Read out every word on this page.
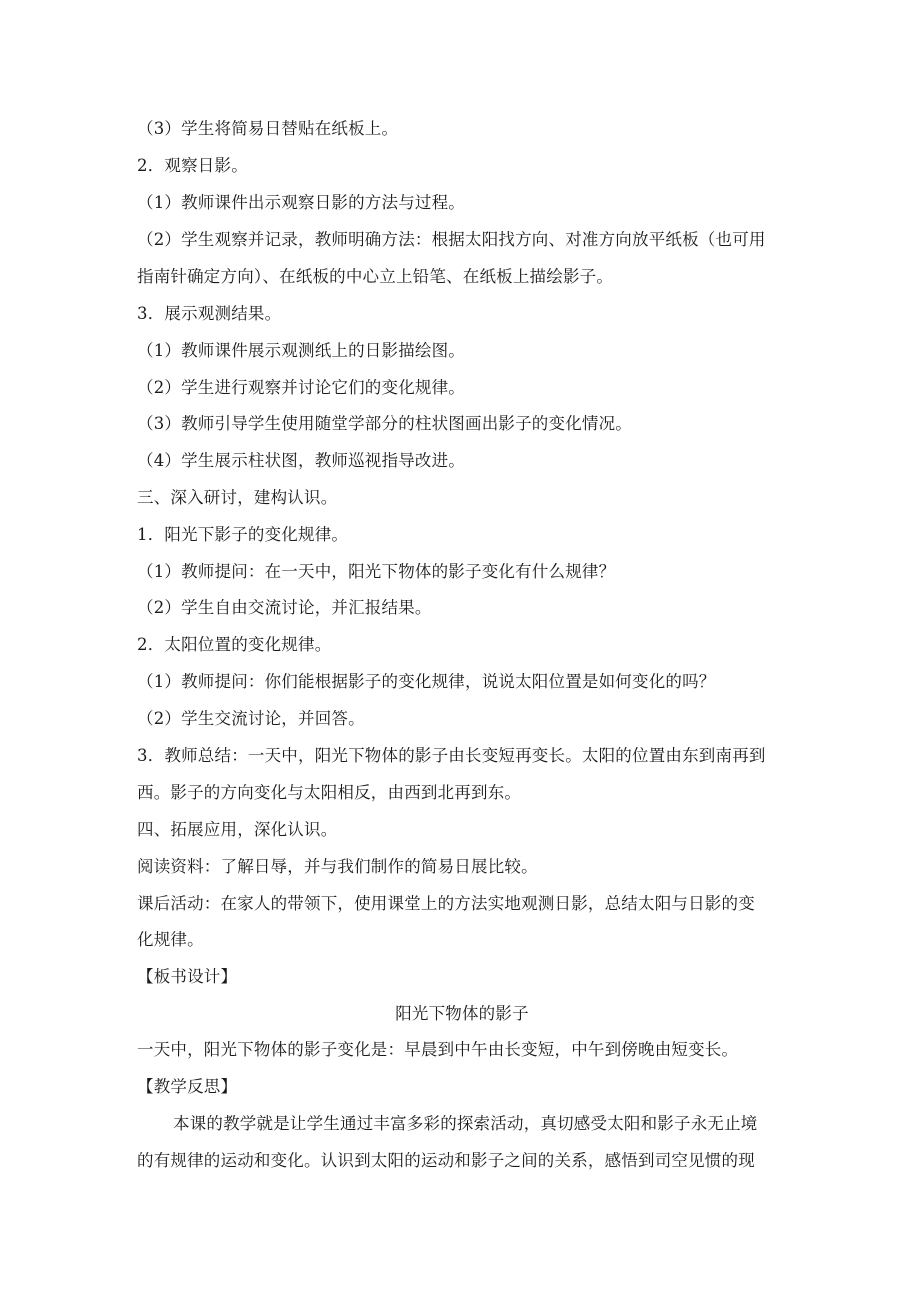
（3）学生将简易日替贴在纸板上。
2．观察日影。
（1）教师课件出示观察日影的方法与过程。
（2）学生观察并记录，教师明确方法：根据太阳找方向、对准方向放平纸板（也可用
指南针确定方向）、在纸板的中心立上铅笔、在纸板上描绘影子。
3．展示观测结果。
（1）教师课件展示观测纸上的日影描绘图。
（2）学生进行观察并讨论它们的变化规律。
（3）教师引导学生使用随堂学部分的柱状图画出影子的变化情况。
（4）学生展示柱状图，教师巡视指导改进。
三、深入研讨，建构认识。
1．阳光下影子的变化规律。
（1）教师提问：在一天中，阳光下物体的影子变化有什么规律？
（2）学生自由交流讨论，并汇报结果。
2．太阳位置的变化规律。
（1）教师提问：你们能根据影子的变化规律，说说太阳位置是如何变化的吗？
（2）学生交流讨论，并回答。
3．教师总结：一天中，阳光下物体的影子由长变短再变长。太阳的位置由东到南再到
西。影子的方向变化与太阳相反，由西到北再到东。
四、拓展应用，深化认识。
阅读资料：了解日辱，并与我们制作的简易日展比较。
课后活动：在家人的带领下，使用课堂上的方法实地观测日影，总结太阳与日影的变
化规律。
【板书设计】
阳光下物体的影子
一天中，阳光下物体的影子变化是：早晨到中午由长变短，中午到傍晚由短变长。
【教学反思】
本课的教学就是让学生通过丰富多彩的探索活动，真切感受太阳和影子永无止境
的有规律的运动和变化。认识到太阳的运动和影子之间的关系，感悟到司空见惯的现
